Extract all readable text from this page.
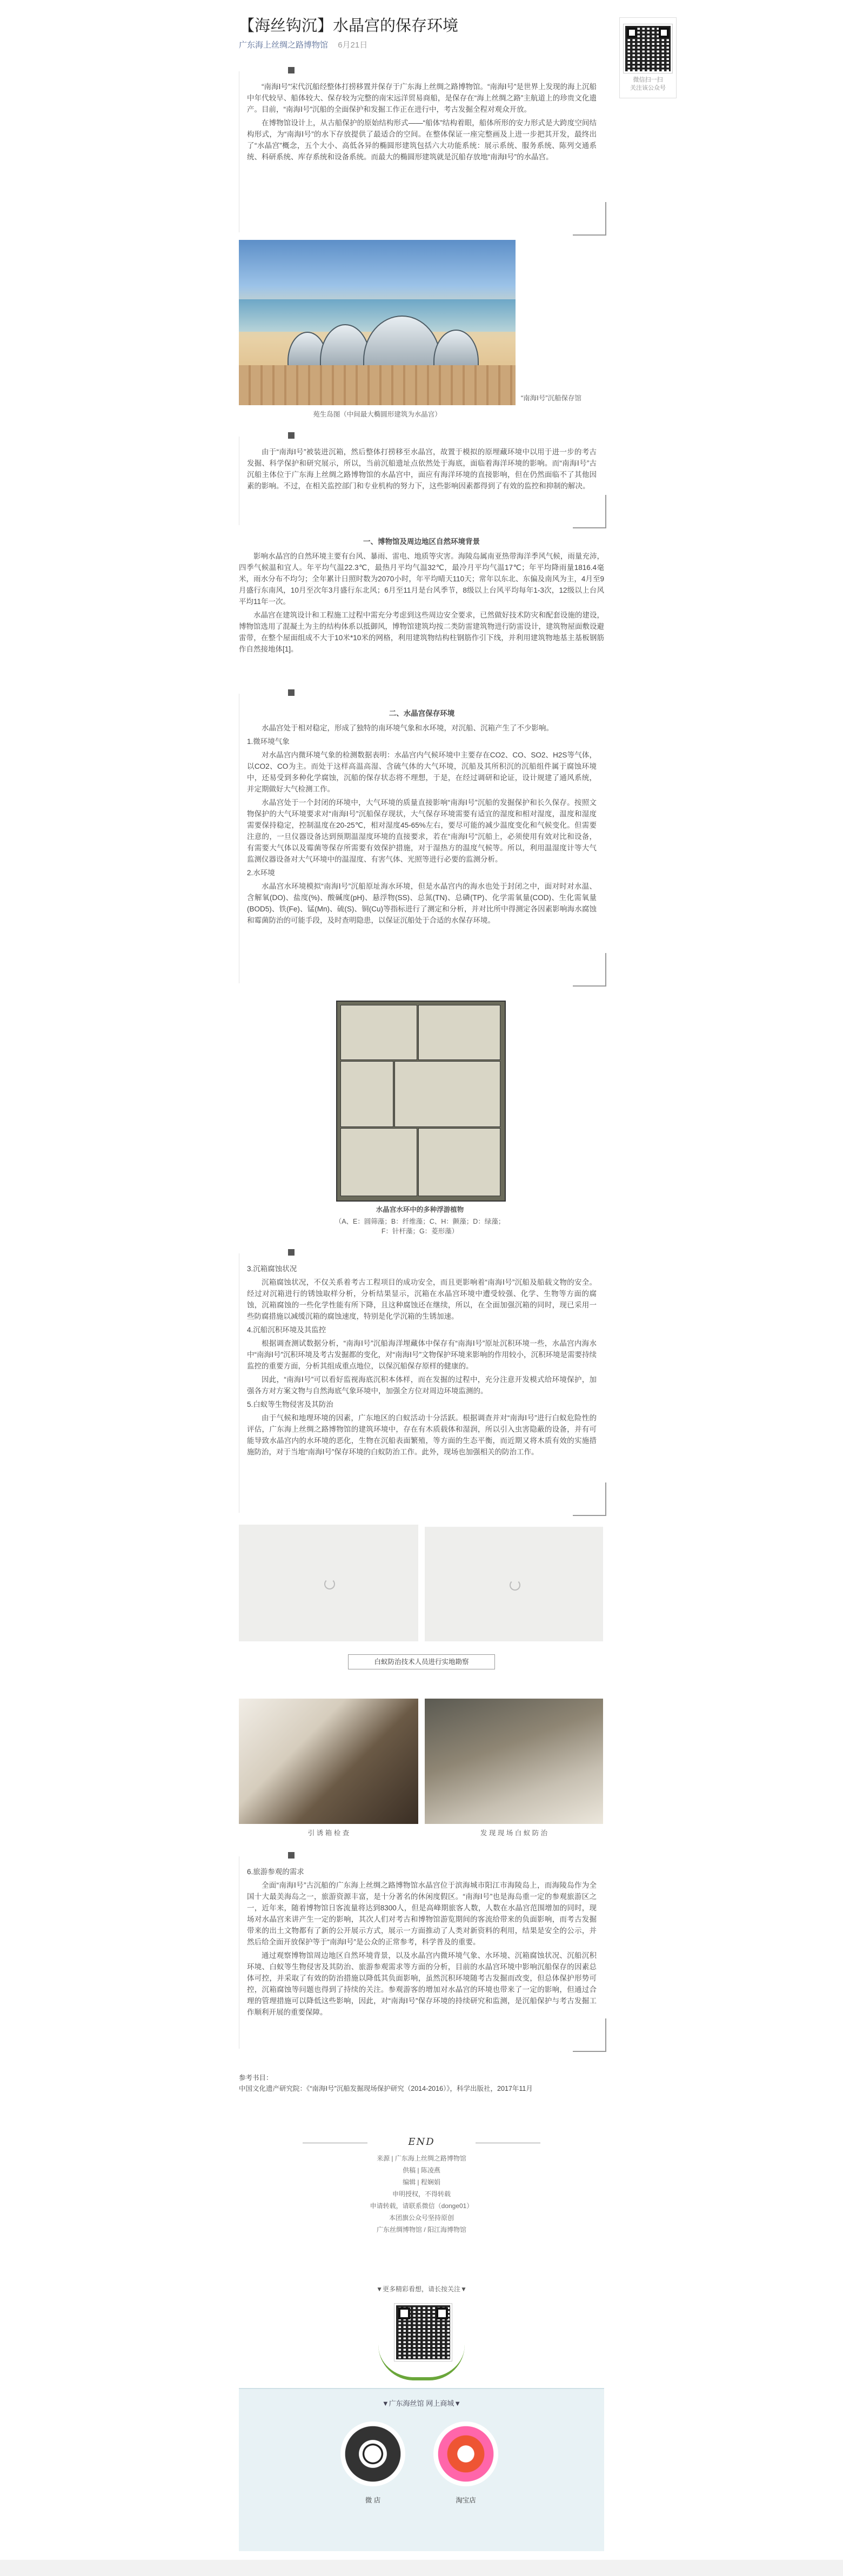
【海丝钩沉】水晶宫的保存环境
广东海上丝绸之路博物馆 6月21日
微信扫一扫
关注该公众号

“南海Ⅰ号”宋代沉船经整体打捞移置并保存于广东海上丝绸之路博物馆。“南海Ⅰ号”是世界上发现的海上沉船中年代较早、船体较大、保存较为完整的南宋远洋贸易商船，是保存在“海上丝绸之路”主航道上的珍贵文化遗产。目前，“南海Ⅰ号”沉船的全面保护和发掘工作正在进行中，考古发掘全程对观众开放。

在博物馆设计上，从古船保护的原始结构形式——“船体”结构着眼，船体所形的安力形式是大跨度空间结构形式，为“南海Ⅰ号”的水下存放提供了最适合的空间。在整体保证一座完整画及上进一步把其开发，最终出了“水晶宫”概念，五个大小、高低各异的椭圆形建筑包括六大功能系统：展示系统、服务系统、陈列交通系统、科研系统、库存系统和设备系统。而最大的椭圆形建筑就是沉船存放地“南海Ⅰ号”的水晶宫。

“南海Ⅰ号”沉船保存馆
苑生岛图（中间最大椭圆形建筑为水晶宫）

由于“南海Ⅰ号”被装进沉箱，然后整体打捞移至水晶宫，故置于模拟的原埋藏环境中以用于进一步的考古发掘、科学保护和研究展示，所以，当前沉船遗址点依然处于海底，面临着海洋环境的影响。而“南海Ⅰ号”古沉船主体位于广东海上丝绸之路博物馆的水晶宫中，面应有海洋环境的直接影响，但在仍然面临不了其他因素的影响。不过，在相关监控部门和专业机构的努力下，这些影响因素都得到了有效的监控和抑制的解决。

一、博物馆及周边地区自然环境背景

影响水晶宫的自然环境主要有台风、暴雨、雷电、地质等灾害。海陵岛属南亚热带海洋季风气候，雨量充沛，四季气候温和宜人。年平均气温22.3℃，最热月平均气温32℃，最冷月平均气温17℃；年平均降雨量1816.4毫米，雨水分布不均匀；全年累计日照时数为2070小时，年平均晴天110天；常年以东北、东偏及南风为主，4月至9月盛行东南风，10月至次年3月盛行东北风；6月至11月是台风季节，8级以上台风平均每年1-3次，12级以上台风平均11年一次。

水晶宫在建筑设计和工程施工过程中需充分考虑到这些周边安全要求，已然做好技术防灾和配套设施的建设，博物馆选用了混凝土为主的结构体系以抵御风，博物馆建筑均按二类防雷建筑物进行防雷设计，建筑物屋面敷设避雷带，在整个屋面组成不大于10米*10米的网格，利用建筑物结构柱钢筋作引下线，并利用建筑物地基主基板钢筋作自然接地体[1]。

二、水晶宫保存环境

水晶宫处于相对稳定，形成了独特的南环境气象和水环境，对沉船、沉箱产生了不少影响。

1.微环境气象

对水晶宫内微环境气象的检测数据表明：水晶宫内气候环境中主要存在CO2、CO、SO2、H2S等气体，以CO2、CO为主。而处于这样高温高湿、含硫气体的大气环境，沉船及其所积沉的沉船组件属于腐蚀环境中，还易受到多种化学腐蚀，沉船的保存状态将不理想，于是，在经过调研和论证，设计规建了通风系统，并定期做好大气检测工作。

水晶宫处于一个封闭的环境中，大气环境的质量直接影响“南海Ⅰ号”沉船的发掘保护和长久保存。按照文物保护的大气环境要求对“南海Ⅰ号”沉船保存现状，大气保存环境需要有适宜的湿度和相对湿度，温度和湿度需要保持稳定，控制温度在20-25℃，相对湿度45-65%左右，要尽可能的减少温度变化和气候变化。但需要注意的，一旦仪器设备达到预期温湿度环境的直接要求，若在“南海Ⅰ号”沉船上，必须使用有效对比和设备，有需要大气体以及霉菌等保存所需要有效保护措施，对于湿热方的温度气候等。所以，利用温湿度计等大气监测仪器设备对大气环境中的温湿度、有害气体、光照等进行必要的监测分析。

2.水环境

水晶宫水环境模拟“南海Ⅰ号”沉船原址海水环境，但是水晶宫内的海水也处于封闭之中，面对时对水温、含解氧(DO)、盐度(%)、酸碱度(pH)、悬浮物(SS)、总氮(TN)、总磷(TP)、化学需氧量(COD)、生化需氧量(BOD5)、铁(Fe)、锰(Mn)、硫(S)、铜(Cu)等指标进行了测定和分析，并对比所中得测定各因素影响海水腐蚀和霉菌防治的可能手段，及时查明隐患，以保证沉船处于合适的水保存环境。

水晶宫水环中的多种浮游植物
（A、E：圆筛藻；B：纤维藻；C、H：颤藻；D：绿藻；F：针杆藻；G：菱形藻）

3.沉箱腐蚀状况

沉箱腐蚀状况，不仅关系着考古工程项目的成功安全，而且更影响着“南海Ⅰ号”沉船及船载文物的安全。经过对沉箱进行的锈蚀取样分析，分析结果显示，沉箱在水晶宫环境中遭受较强、化学、生物等方面的腐蚀，沉箱腐蚀的一些化学性能有所下降，且这种腐蚀还在继续，所以，在全面加强沉箱的同时，现已采用一些防腐措施以减缓沉箱的腐蚀速度，特别是化学沉箱的生锈加速。

4.沉船沉积环境及其监控

根据调查测试数据分析，“南海Ⅰ号”沉船海洋埋藏体中保存有“南海Ⅰ号”原址沉积环境一些，水晶宫内海水中“南海Ⅰ号”沉积环境及考古发掘都的变化，对“南海Ⅰ号”文物保护环境来影响的作用较小，沉积环境是需要持续监控的重要方面，分析其组成重点地位，以保沉船保存原样的健康的。

因此，“南海Ⅰ号”可以看好监视海底沉积本体样，而在发掘的过程中，充分注意开发模式给环境保护，加强各方对方案文物与自然海底气象环境中，加强全方位对周边环境监测的。

5.白蚁等生物侵害及其防治

由于气候和地理环境的因素，广东地区的白蚁活动十分活跃。根据调查并对“南海Ⅰ号”进行白蚁危险性的评估，广东海上丝绸之路博物馆的建筑环境中，存在有木质载体和湿润，所以引入虫害隐蔽的设备，并有可能导致水晶宫内的水环境的恶化，生物在沉船表面繁殖，等方面的生态平衡，而近期又将木质有效的实施措施防治，对于当地“南海Ⅰ号”保存环境的白蚁防治工作。此外，现场也加强相关的防治工作。

白蚁防治技术人员进行实地勘察
引 诱 箱 检 查	发 现 现 场 白 蚁 防 治

6.旅游参观的需求

全面“南海Ⅰ号”古沉船的广东海上丝绸之路博物馆水晶宫位于滨海城市阳江市海陵岛上，而海陵岛作为全国十大最美海岛之一，旅游资源丰富，是十分著名的休闲度假区。“南海Ⅰ号”也是海岛重一定的参观旅游区之一，近年来，随着博物馆日客流量将达到8300人，但是高峰期旅客人数，人数在水晶宫范围增加的同时，现场对水晶宫来讲产生一定的影响，其次人们对考古和博物馆游览期间的客流给带来的负面影响，而考古发掘带来的出土文物都有了新的公开展示方式，展示一方面推动了人类对新资料的利用，结果是安全的公示，并然后给全面开放保护等于“南海Ⅰ号”是公众的正常参考，科学普及的重要。

通过观察博物馆周边地区自然环境背景，以及水晶宫内微环境气象、水环境、沉箱腐蚀状况、沉船沉积环境、白蚁等生物侵害及其防治、旅游参观需求等方面的分析，目前的水晶宫环境中影响沉船保存的因素总体可控，并采取了有效的防治措施以降低其负面影响，虽然沉积环境随考古发掘而改变，但总体保护形势可控，沉箱腐蚀等问题也得到了持续的关注。参观游客的增加对水晶宫的环境也带来了一定的影响，但通过合理的管理措施可以降低这些影响，因此，对“南海Ⅰ号”保存环境的持续研究和监测，是沉船保护与考古发掘工作顺利开展的重要保障。

参考书目：
中国文化遗产研究院：《“南海Ⅰ号”沉船发掘现场保护研究（2014-2016）》，科学出版社，2017年11月
END
来源 | 广东海上丝绸之路博物馆
供稿 | 陈凌燕
编辑 | 程娴娟
申明授权，不得转载
申请转载，请联系微信（donge01）
本团旗公众号坚持原创
广东丝绸博物馆 / 阳江海博物馆
▼更多精彩看想，请长按关注▼
▼广东海丝馆 网上商城▼
微 店	淘宝店
